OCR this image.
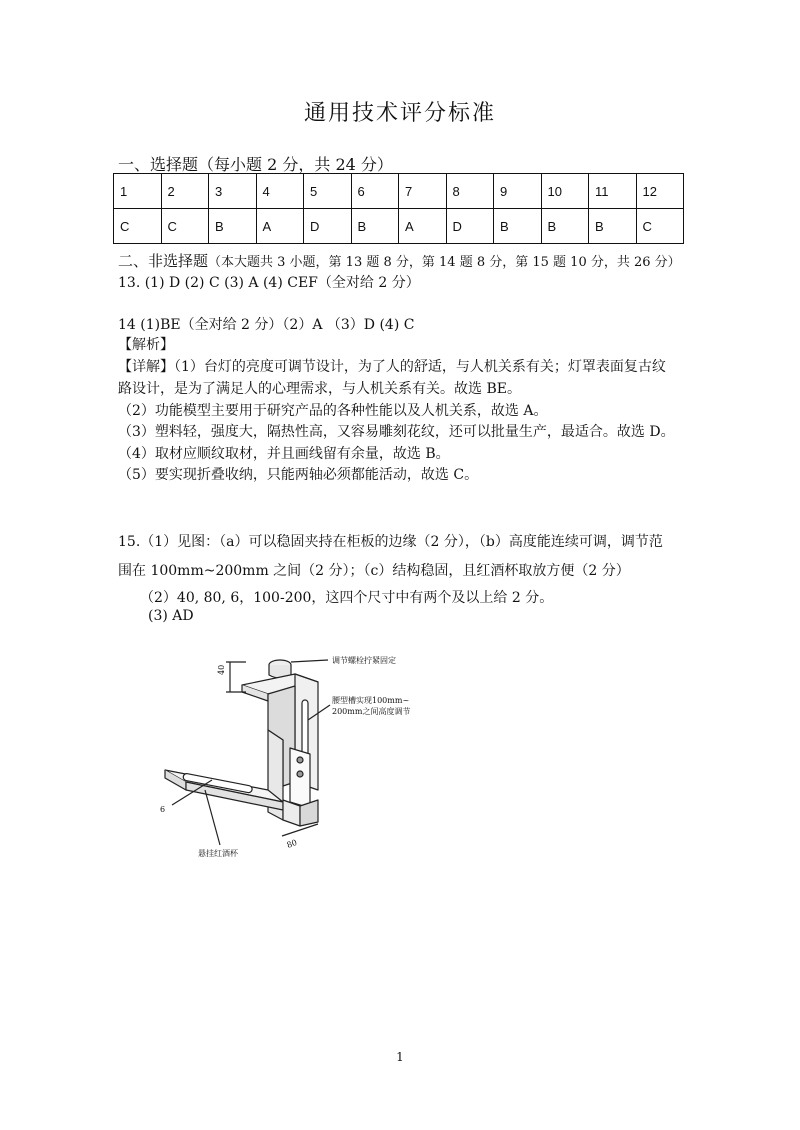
通用技术评分标准
一、选择题（每小题 2 分，共 24 分）
1	2	3	4	5	6	7	8	9	10	11	12
C	C	B	A	D	B	A	D	B	B	B	C
二、非选择题（本大题共 3 小题，第 13 题 8 分，第 14 题 8 分，第 15 题 10 分，共 26 分）
13. (1) D (2) C (3) A (4) CEF（全对给 2 分）
14 (1)BE（全对给 2 分）（2）A （3）D (4) C
【解析】
【详解】（1）台灯的亮度可调节设计，为了人的舒适，与人机关系有关；灯罩表面复古纹
路设计，是为了满足人的心理需求，与人机关系有关。故选 BE。
（2）功能模型主要用于研究产品的各种性能以及人机关系，故选 A。
（3）塑料轻，强度大，隔热性高，又容易雕刻花纹，还可以批量生产，最适合。故选 D。
（4）取材应顺纹取材，并且画线留有余量，故选 B。
（5）要实现折叠收纳，只能两轴必须都能活动，故选 C。
15.（1）见图：（a）可以稳固夹持在柜板的边缘（2 分），（b）高度能连续可调，调节范
围在 100mm~200mm 之间（2 分）；（c）结构稳固，且红酒杯取放方便（2 分）
（2）40, 80, 6，100-200，这四个尺寸中有两个及以上给 2 分。
(3) AD
40
80
6
调节螺栓拧紧固定
腰型槽实现100mm~
200mm之间高度调节
悬挂红酒杯
1
